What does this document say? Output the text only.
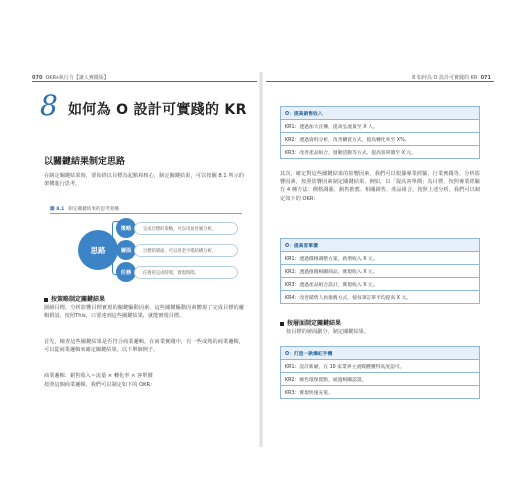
070 OKRs執行力【讓人實踐版】
8 如何為 O 設計可實踐的 KR
以關鍵結果制定思路
在制定關鍵結果時，要始終以目標為起點和核心，制定關鍵結果，可以按圖 8.1 所示的架構進行思考。
圖 8.1 制定關鍵結果的思考架構
思路
策略	完成目標的策略，可以用魚骨圖分析。
層面	目標的層面，可以用金字塔結構分析。
任務	任務的完成時間，實現時間。
按策略制定關鍵結果
圍繞目標，分析影響目標實現的關鍵驅動因素，這些關鍵驅動因素體現了完成目標的邏輯假設，按照This，只要達到這些關鍵結果，就能實現目標。
首先，檢查這些關鍵結果是否符合商業邏輯，在商業實踐中，有一些成熟的商業邏輯，可以從商業邏輯來確定關鍵結果，以下舉個例子。
商業邏輯：銷售收入＝流量 × 轉化率 × 客單價
按照這個商業邏輯，我們可以制定如下的 OKR：
8 如何為 O 設計可實踐的 KR 071
O：提高銷售收入
KR1：透過加大宣傳，提高弘流量至 X 人。
KR2：透過資料分析，改善購買方式，提高轉化率至 X%。
KR3：改善產品組合，發動活動等方式，提高客單價至 X 元。
其次，確定對這些關鍵結果的影響因素，我們可以根據專業經驗、行業實踐等，分析影響因素，按照影響因素制定關鍵結果。例如，以「提高客單價」為目標，按照專業經驗有 4 種方法：價格調漲、銷售推薦、相關銷售、產品組合。按照上述分析，我們可以制定如下的 OKR：
O：提高客單價
KR1：透過價格調整方案，新增收入 X 元。
KR2：透過推銷相關商品，實現收入 X 元。
KR3：透過產品組合設計，實現收入 X 元。
KR4：改善銷售人員推薦方式，使每筆訂單平均提高 X 元。
按層面制定關鍵結果
按目標的層面劃分，制定關鍵結果。
O：打造一款爆紅手機
KR1：設計新穎，在 10 家業界主流媒體獲得高度認可。
KR2：綠色環保賣點，通過相關認證。
KR3：實現快速充電。
